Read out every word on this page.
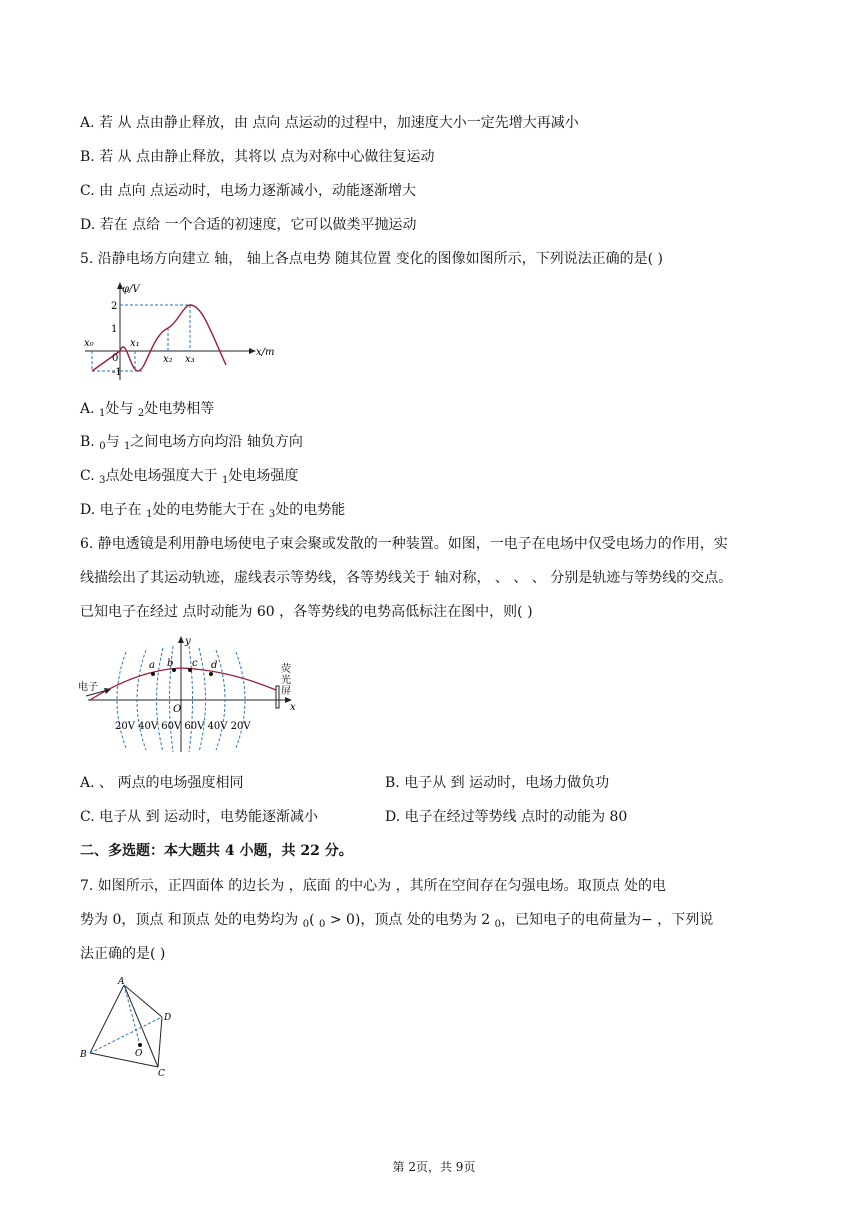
A. 若 从 点由静止释放，由 点向 点运动的过程中，加速度大小一定先增大再减小
B. 若 从 点由静止释放，其将以 点为对称中心做往复运动
C. 由 点向 点运动时，电场力逐渐减小，动能逐渐增大
D. 若在 点给 一个合适的初速度，它可以做类平抛运动
5. 沿静电场方向建立 轴， 轴上各点电势 随其位置 变化的图像如图所示，下列说法正确的是( )
φ/V
x/m
2
1
-1
0
x₀	x₁
x₂ x₃
A. $_1$处与 $_2$处电势相等
B. $_0$与 $_1$之间电场方向均沿 轴负方向
C. $_3$点处电场强度大于 $_1$处电场强度
D. 电子在 $_1$处的电势能大于在 $_3$处的电势能
6. 静电透镜是利用静电场使电子束会聚或发散的一种装置。如图，一电子在电场中仅受电场力的作用，实
线描绘出了其运动轨迹，虚线表示等势线，各等势线关于 轴对称， 、 、 、 分别是轨迹与等势线的交点。
已知电子在经过 点时动能为 60 ，各等势线的电势高低标注在图中，则( )
y
x
O
a b c d
电子
荧
光
屏
20V 40V 60V 60V 40V 20V
A. 、 两点的电场强度相同	B. 电子从 到 运动时，电场力做负功
C. 电子从 到 运动时，电势能逐渐减小	D. 电子在经过等势线 点时的动能为 80
二、多选题：本大题共 4 小题，共 22 分。
7. 如图所示，正四面体 的边长为 ，底面 的中心为 ，其所在空间存在匀强电场。取顶点 处的电
势为 0，顶点 和顶点 处的电势均为 $_0$( $_0$ > 0)，顶点 处的电势为 2 $_0$，已知电子的电荷量为− ，下列说
法正确的是( )
A
B
C
D
O
第 2页，共 9页
